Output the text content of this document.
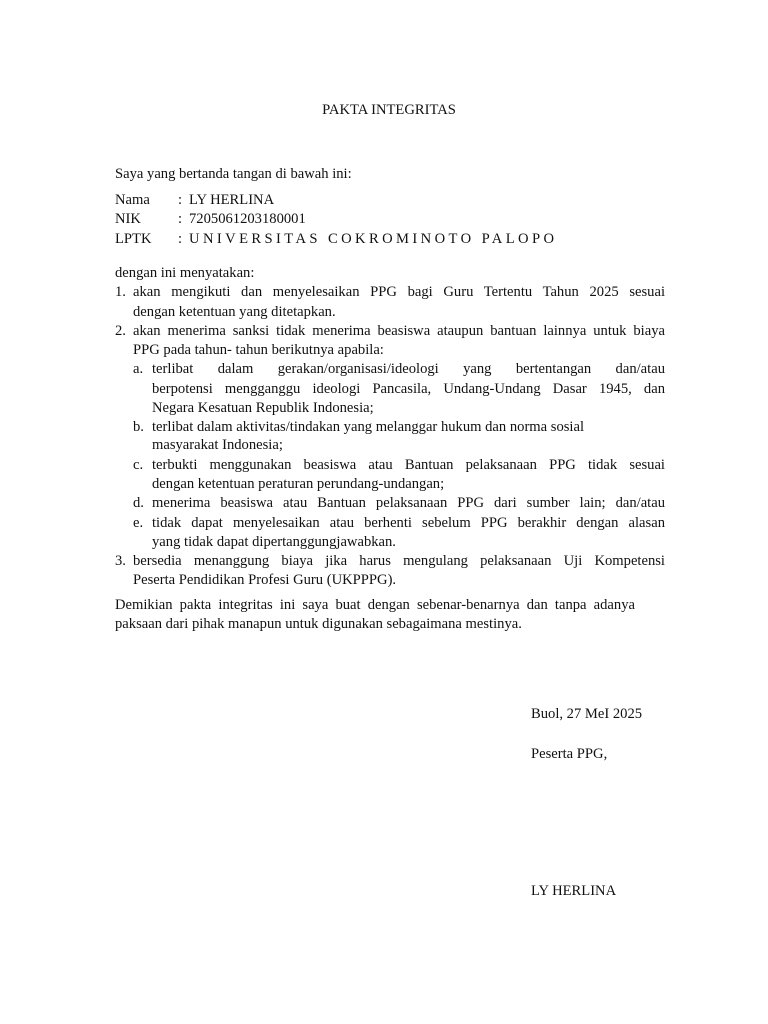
PAKTA INTEGRITAS
Saya yang bertanda tangan di bawah ini:
Nama : LY HERLINA
NIK	: 7205061203180001
LPTK : UNIVERSITAS COKROMINOTO PALOPO
dengan ini menyatakan:
1. akan mengikuti dan menyelesaikan PPG bagi Guru Tertentu Tahun 2025 sesuai
dengan ketentuan yang ditetapkan.
2. akan menerima sanksi tidak menerima beasiswa ataupun bantuan lainnya untuk biaya
PPG pada tahun- tahun berikutnya apabila:
a. terlibat dalam gerakan/organisasi/ideologi yang bertentangan dan/atau
berpotensi mengganggu ideologi Pancasila, Undang-Undang Dasar 1945, dan
Negara Kesatuan Republik Indonesia;
b. terlibat dalam aktivitas/tindakan yang melanggar hukum dan norma sosial
masyarakat Indonesia;
c. terbukti menggunakan beasiswa atau Bantuan pelaksanaan PPG tidak sesuai
dengan ketentuan peraturan perundang-undangan;
d. menerima beasiswa atau Bantuan pelaksanaan PPG dari sumber lain; dan/atau
e. tidak dapat menyelesaikan atau berhenti sebelum PPG berakhir dengan alasan
yang tidak dapat dipertanggungjawabkan.
3. bersedia menanggung biaya jika harus mengulang pelaksanaan Uji Kompetensi
Peserta Pendidikan Profesi Guru (UKPPPG).
Demikian pakta integritas ini saya buat dengan sebenar-benarnya dan tanpa adanya
paksaan dari pihak manapun untuk digunakan sebagaimana mestinya.
Buol, 27 MeI 2025
Peserta PPG,
LY HERLINA
